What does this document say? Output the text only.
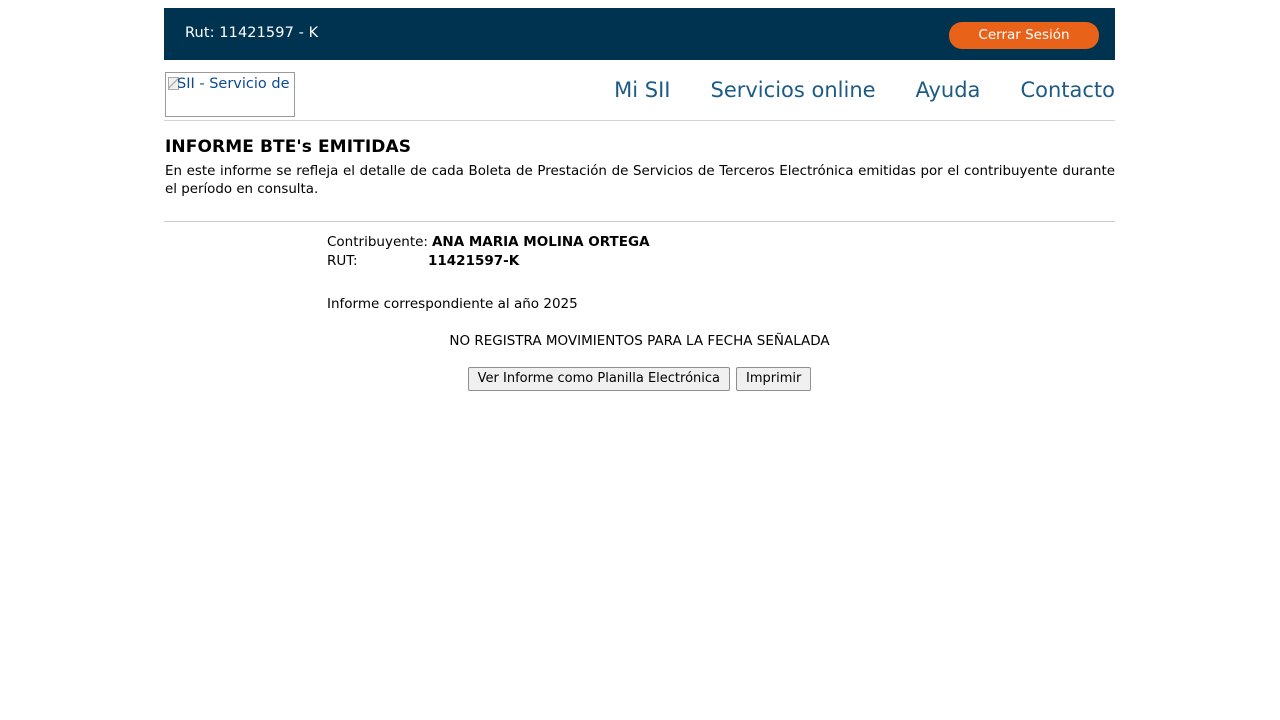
Rut: 11421597 - K	Cerrar Sesión
SII - Servicio de	Mi SII	Servicios online	Ayuda	Contacto
INFORME BTE's EMITIDAS

En este informe se refleja el detalle de cada Boleta de Prestación de Servicios de Terceros Electrónica emitidas por el contribuyente durante el período en consulta.

Contribuyente: ANA MARIA MOLINA ORTEGA
RUT:	11421597-K
Informe correspondiente al año 2025
NO REGISTRA MOVIMIENTOS PARA LA FECHA SEÑALADA
Ver Informe como Planilla Electrónica	Imprimir
